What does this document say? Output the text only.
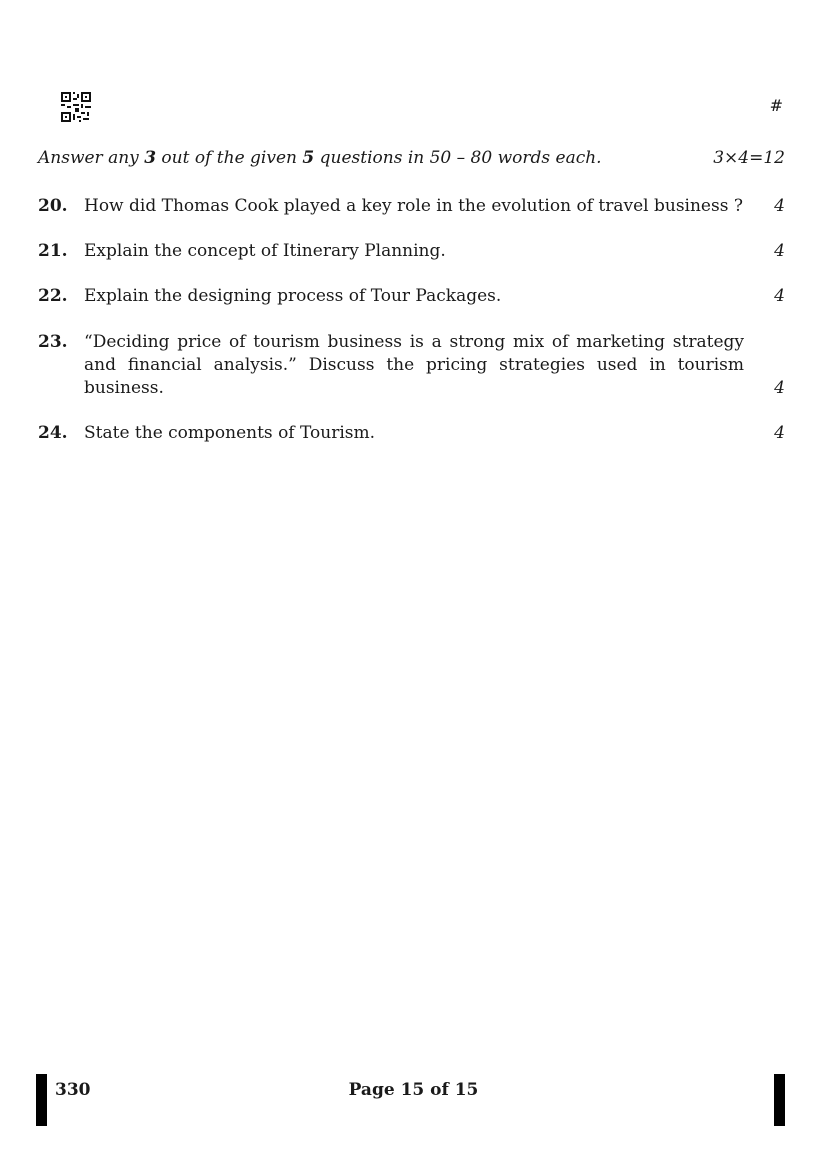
#
Answer any 3 out of the given 5 questions in 50 – 80 words each.	3×4=12
20. How did Thomas Cook played a key role in the evolution of travel business ?	4
21. Explain the concept of Itinerary Planning.	4
22. Explain the designing process of Tour Packages.	4
23. “Deciding price of tourism business is a strong mix of marketing strategy and financial analysis.” Discuss the pricing strategies used in tourism business.	4
24. State the components of Tourism.	4
330	Page 15 of 15
